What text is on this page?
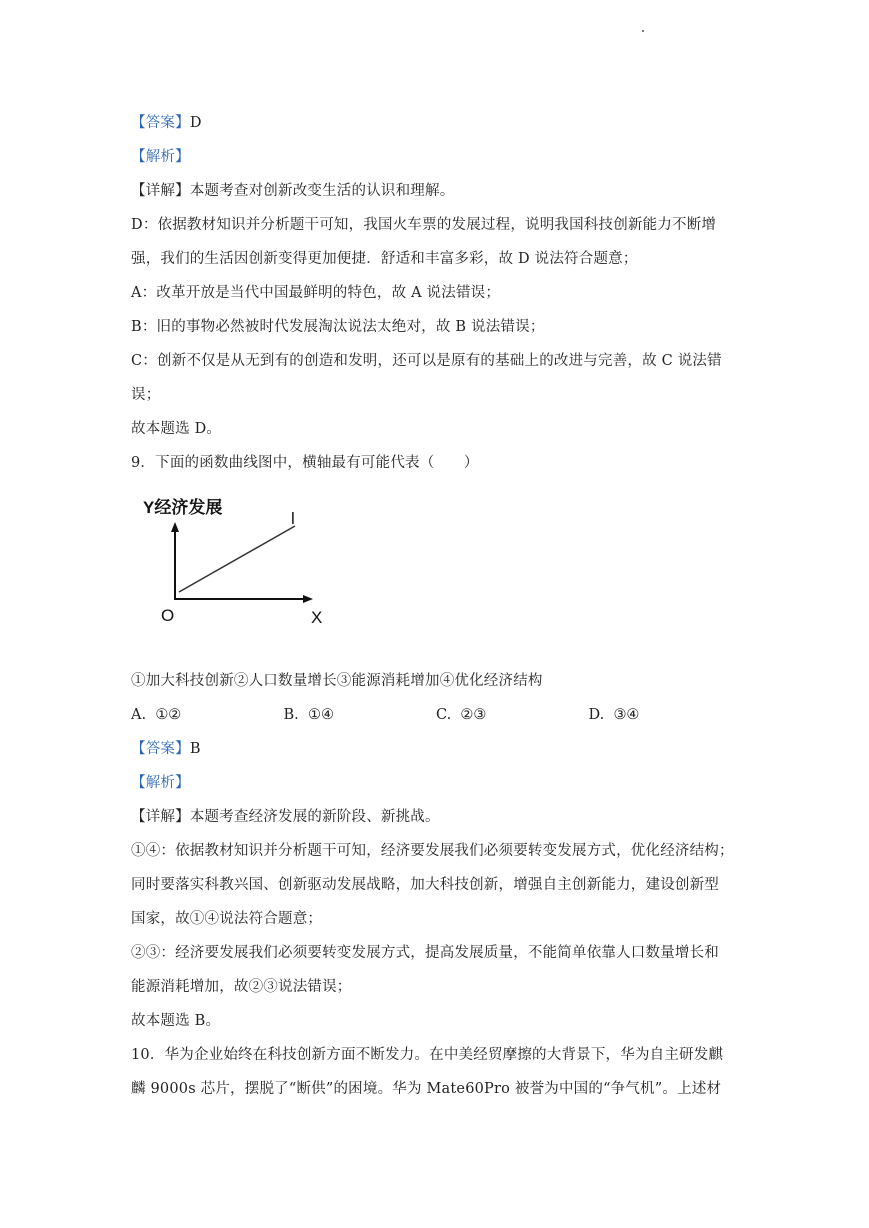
【答案】D
【解析】
【详解】本题考查对创新改变生活的认识和理解。
D：依据教材知识并分析题干可知，我国火车票的发展过程，说明我国科技创新能力不断增
强，我们的生活因创新变得更加便捷．舒适和丰富多彩，故 D 说法符合题意；
A：改革开放是当代中国最鲜明的特色，故 A 说法错误；
B：旧的事物必然被时代发展淘汰说法太绝对，故 B 说法错误；
C：创新不仅是从无到有的创造和发明，还可以是原有的基础上的改进与完善，故 C 说法错
误；
故本题选 D。
9．下面的函数曲线图中，横轴最有可能代表（　　）
Y经济发展
l
O	X
①加大科技创新②人口数量增长③能源消耗增加④优化经济结构
A. ①②	B. ①④	C. ②③	D. ③④
【答案】B
【解析】
【详解】本题考查经济发展的新阶段、新挑战。
①④：依据教材知识并分析题干可知，经济要发展我们必须要转变发展方式，优化经济结构；
同时要落实科教兴国、创新驱动发展战略，加大科技创新，增强自主创新能力，建设创新型
国家，故①④说法符合题意；
②③：经济要发展我们必须要转变发展方式，提高发展质量，不能简单依靠人口数量增长和
能源消耗增加，故②③说法错误；
故本题选 B。
10．华为企业始终在科技创新方面不断发力。在中美经贸摩擦的大背景下，华为自主研发麒
麟 9000s 芯片，摆脱了“断供”的困境。华为 Mate60Pro 被誉为中国的“争气机”。上述材
